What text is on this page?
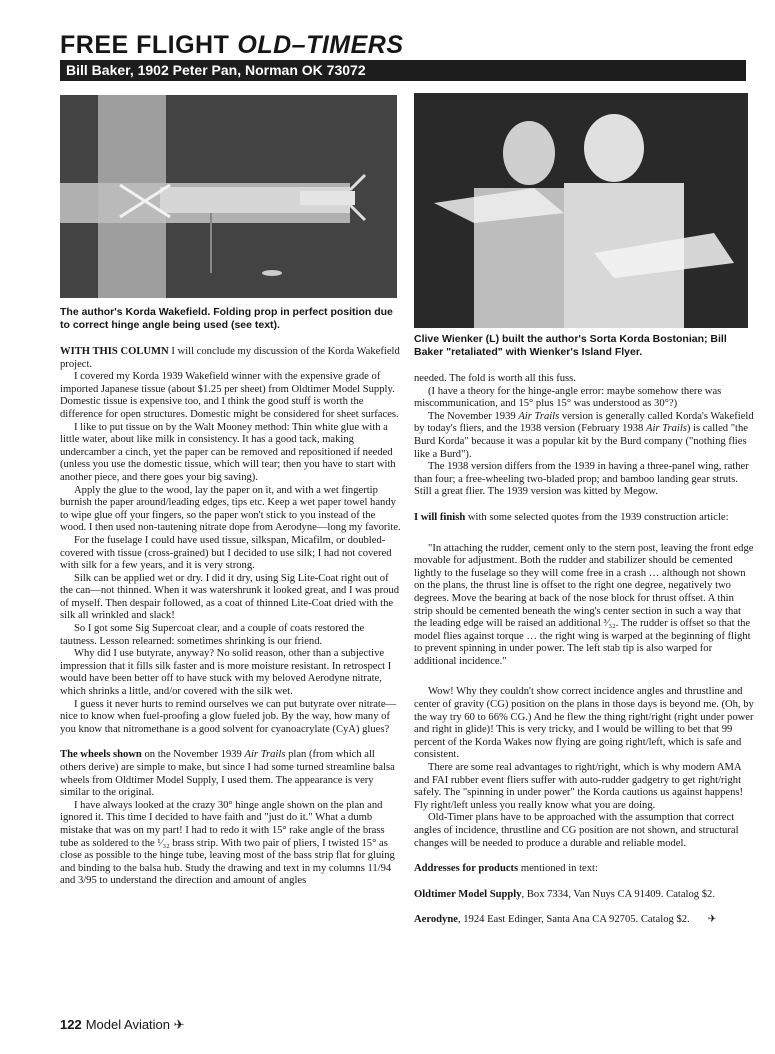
FREE FLIGHT OLD–TIMERS
Bill Baker, 1902 Peter Pan, Norman OK 73072

The author's Korda Wakefield. Folding prop in perfect position due to correct hinge angle being used (see text).

Clive Wienker (L) built the author's Sorta Korda Bostonian; Bill Baker "retaliated" with Wienker's Island Flyer.

WITH THIS COLUMN I will conclude my discussion of the Korda Wakefield project.

I covered my Korda 1939 Wakefield winner with the expensive grade of imported Japanese tissue (about $1.25 per sheet) from Oldtimer Model Supply. Domestic tissue is expensive too, and I think the good stuff is worth the difference for open structures. Domestic might be considered for sheet surfaces.

I like to put tissue on by the Walt Mooney method: Thin white glue with a little water, about like milk in consistency. It has a good tack, making undercamber a cinch, yet the paper can be removed and repositioned if needed (unless you use the domestic tissue, which will tear; then you have to start with another piece, and there goes your big saving).

Apply the glue to the wood, lay the paper on it, and with a wet fingertip burnish the paper around/leading edges, tips etc. Keep a wet paper towel handy to wipe glue off your fingers, so the paper won't stick to you instead of the wood. I then used non-tautening nitrate dope from Aerodyne—long my favorite.

For the fuselage I could have used tissue, silkspan, Micafilm, or doubled-covered with tissue (cross-grained) but I decided to use silk; I had not covered with silk for a few years, and it is very strong.

Silk can be applied wet or dry. I did it dry, using Sig Lite-Coat right out of the can—not thinned. When it was watershrunk it looked great, and I was proud of myself. Then despair followed, as a coat of thinned Lite-Coat dried with the silk all wrinkled and slack!

So I got some Sig Supercoat clear, and a couple of coats restored the tautness. Lesson relearned: sometimes shrinking is our friend.

Why did I use butyrate, anyway? No solid reason, other than a subjective impression that it fills silk faster and is more moisture resistant. In retrospect I would have been better off to have stuck with my beloved Aerodyne nitrate, which shrinks a little, and/or covered with the silk wet.

I guess it never hurts to remind ourselves we can put butyrate over nitrate—nice to know when fuel-proofing a glow fueled job. By the way, how many of you know that nitromethane is a good solvent for cyanoacrylate (CyA) glues?

The wheels shown on the November 1939 Air Trails plan (from which all others derive) are simple to make, but since I had some turned streamline balsa wheels from Oldtimer Model Supply, I used them. The appearance is very similar to the original.

I have always looked at the crazy 30° hinge angle shown on the plan and ignored it. This time I decided to have faith and "just do it." What a dumb mistake that was on my part! I had to redo it with 15° rake angle of the brass tube as soldered to the ¹⁄₃₂ brass strip. With two pair of pliers, I twisted 15° as close as possible to the hinge tube, leaving most of the bass strip flat for gluing and binding to the balsa hub. Study the drawing and text in my columns 11/94 and 3/95 to understand the direction and amount of angles

needed. The fold is worth all this fuss.

(I have a theory for the hinge-angle error: maybe somehow there was miscommunication, and 15° plus 15° was understood as 30°?)

The November 1939 Air Trails version is generally called Korda's Wakefield by today's fliers, and the 1938 version (February 1938 Air Trails) is called "the Burd Korda" because it was a popular kit by the Burd company ("nothing flies like a Burd").

The 1938 version differs from the 1939 in having a three-panel wing, rather than four; a free-wheeling two-bladed prop; and bamboo landing gear struts. Still a great flier. The 1939 version was kitted by Megow.

I will finish with some selected quotes from the 1939 construction article:

"In attaching the rudder, cement only to the stern post, leaving the front edge movable for adjustment. Both the rudder and stabilizer should be cemented lightly to the fuselage so they will come free in a crash … although not shown on the plans, the thrust line is offset to the right one degree, negatively two degrees. Move the bearing at back of the nose block for thrust offset. A thin strip should be cemented beneath the wing's center section in such a way that the leading edge will be raised an additional ³⁄₃₂. The rudder is offset so that the model flies against torque … the right wing is warped at the beginning of flight to prevent spinning in under power. The left stab tip is also warped for additional incidence."

Wow! Why they couldn't show correct incidence angles and thrustline and center of gravity (CG) position on the plans in those days is beyond me. (Oh, by the way try 60 to 66% CG.) And he flew the thing right/right (right under power and right in glide)! This is very tricky, and I would be willing to bet that 99 percent of the Korda Wakes now flying are going right/left, which is safe and consistent.

There are some real advantages to right/right, which is why modern AMA and FAI rubber event fliers suffer with auto-rudder gadgetry to get right/right safely. The "spinning in under power" the Korda cautions us against happens! Fly right/left unless you really know what you are doing.

Old-Timer plans have to be approached with the assumption that correct angles of incidence, thrustline and CG position are not shown, and structural changes will be needed to produce a durable and reliable model.

Addresses for products mentioned in text:

Oldtimer Model Supply, Box 7334, Van Nuys CA 91409. Catalog $2.

Aerodyne, 1924 East Edinger, Santa Ana CA 92705. Catalog $2. ✈

122 Model Aviation ✈
